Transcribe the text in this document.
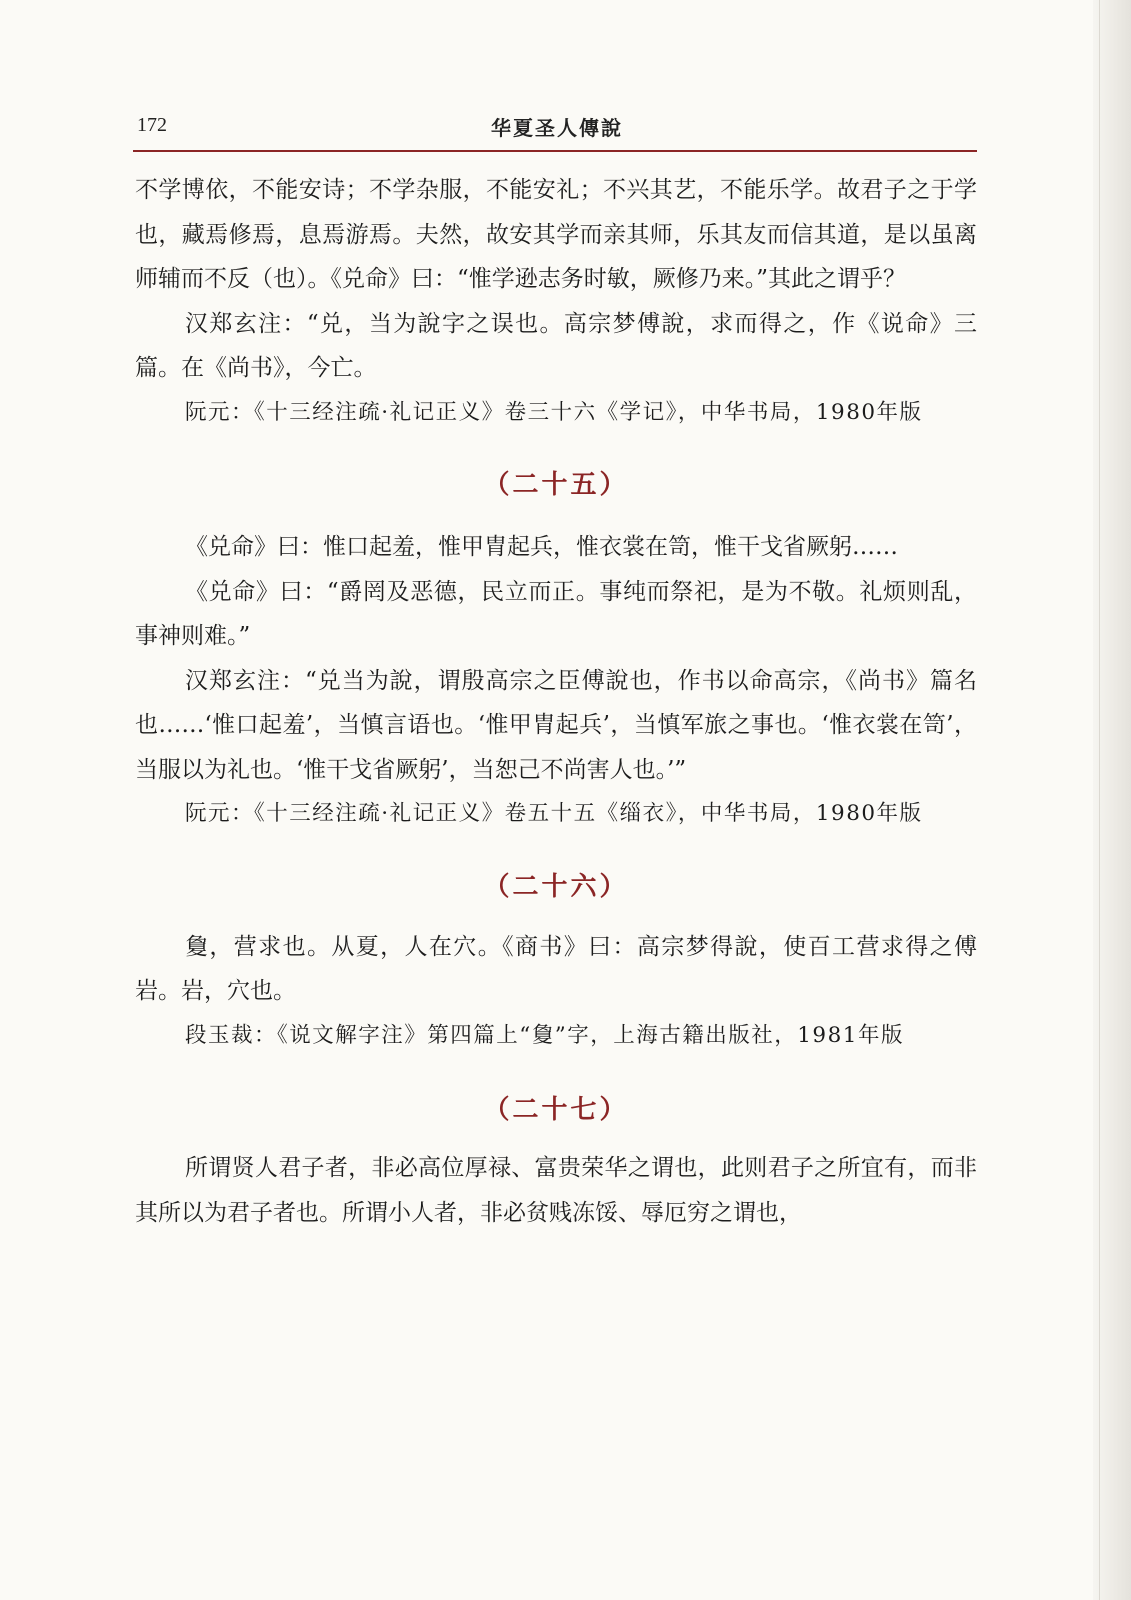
172	华夏圣人傳說

不学博依，不能安诗；不学杂服，不能安礼；不兴其艺，不能乐学。故君子之于学也，藏焉修焉，息焉游焉。夫然，故安其学而亲其师，乐其友而信其道，是以虽离师辅而不反（也）。《兑命》曰：“惟学逊志务时敏，厥修乃来。”其此之谓乎？

汉郑玄注：“兑，当为說字之误也。高宗梦傅說，求而得之，作《说命》三篇。在《尚书》，今亡。

阮元：《十三经注疏·礼记正义》卷三十六《学记》，中华书局，1980年版

（二十五）

《兑命》曰：惟口起羞，惟甲胄起兵，惟衣裳在笥，惟干戈省厥躬……

《兑命》曰：“爵罔及恶德，民立而正。事纯而祭祀，是为不敬。礼烦则乱，事神则难。”

汉郑玄注：“兑当为說，谓殷高宗之臣傅說也，作书以命高宗，《尚书》篇名也……‘惟口起羞’，当慎言语也。‘惟甲胄起兵’，当慎军旅之事也。‘惟衣裳在笥’，当服以为礼也。‘惟干戈省厥躬’，当恕己不尚害人也。’”

阮元：《十三经注疏·礼记正义》卷五十五《缁衣》，中华书局，1980年版

（二十六）

敻，营求也。从夏，人在穴。《商书》曰：高宗梦得說，使百工营求得之傅岩。岩，穴也。

段玉裁：《说文解字注》第四篇上“敻”字，上海古籍出版社，1981年版

（二十七）

所谓贤人君子者，非必高位厚禄、富贵荣华之谓也，此则君子之所宜有，而非其所以为君子者也。所谓小人者，非必贫贱冻馁、辱厄穷之谓也，
